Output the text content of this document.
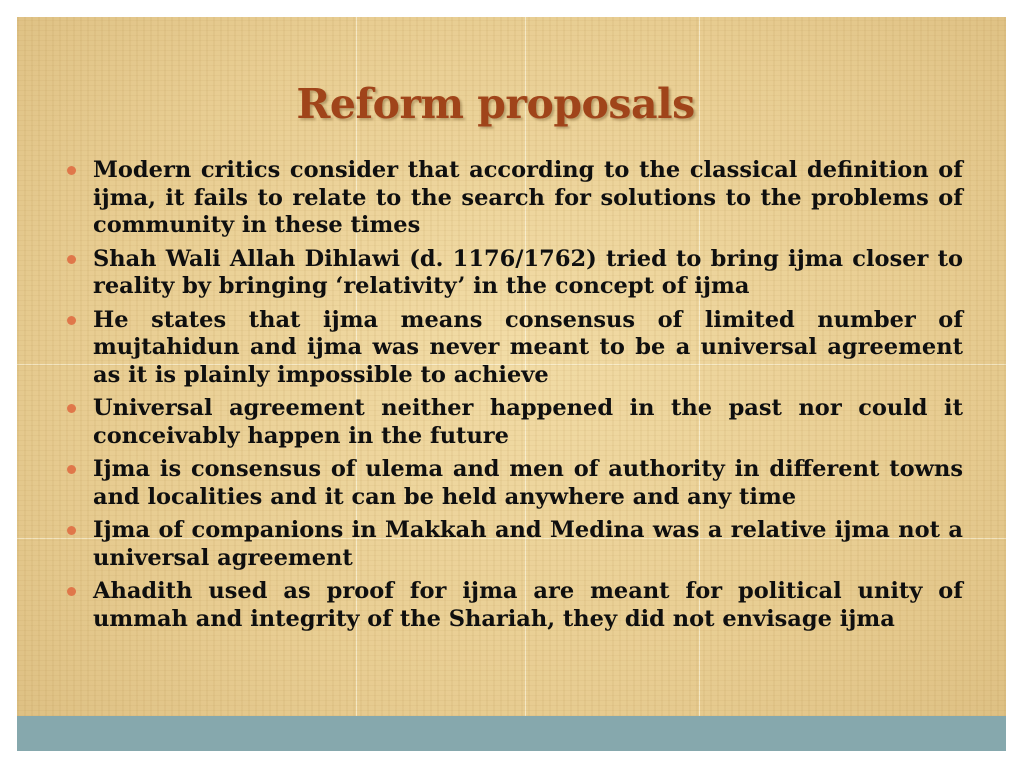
Reform proposals
Modern critics consider that according to the classical definition of ijma, it fails to relate to the search for solutions to the problems of community in these times
Shah Wali Allah Dihlawi (d. 1176/1762) tried to bring ijma closer to reality by bringing ‘relativity’ in the concept of ijma
He states that ijma means consensus of limited number of mujtahidun and ijma was never meant to be a universal agreement as it is plainly impossible to achieve
Universal agreement neither happened in the past nor could it conceivably happen in the future
Ijma is consensus of ulema and men of authority in different towns and localities and it can be held anywhere and any time
Ijma of companions in Makkah and Medina was a relative ijma not a universal agreement
Ahadith used as proof for ijma are meant for political unity of ummah and integrity of the Shariah, they did not envisage ijma
